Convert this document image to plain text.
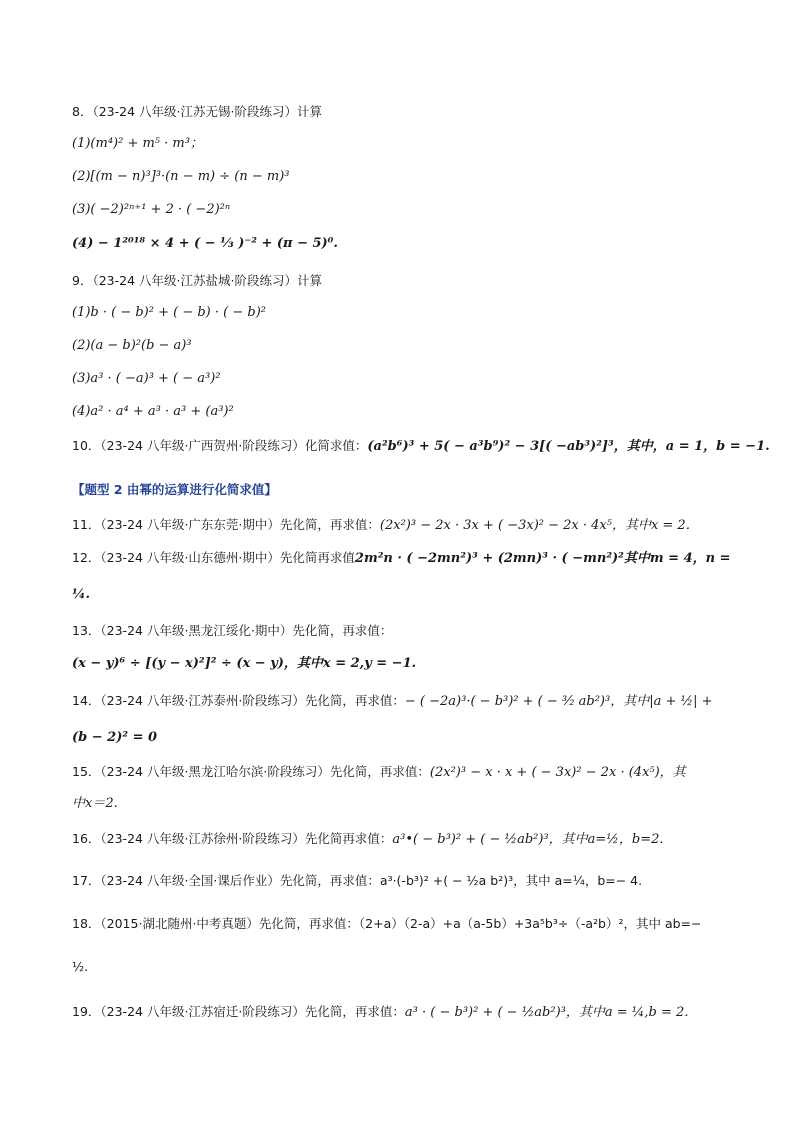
8．（23-24 八年级·江苏无锡·阶段练习）计算
(1)(m⁴)² + m⁵ · m³；
(2)[(m − n)³]³·(n − m) ÷ (n − m)³
(3)( −2)²ⁿ⁺¹ + 2 · ( −2)²ⁿ
(4) − 1²⁰¹⁸ × 4 + ( − ¹⁄₃ )⁻² + (π − 5)⁰.
9．（23-24 八年级·江苏盐城·阶段练习）计算
(1)b · ( − b)² + ( − b) · ( − b)²
(2)(a − b)²(b − a)³
(3)a³ · ( −a)³ + ( − a³)²
(4)a² · a⁴ + a³ · a³ + (a³)²
10．（23-24 八年级·广西贺州·阶段练习）化简求值：(a²b⁶)³ + 5( − a³b⁹)² − 3[( −ab³)²]³，其中，a = 1，b = −1.
【题型 2 由幂的运算进行化简求值】
11．（23-24 八年级·广东东莞·期中）先化简，再求值：(2x²)³ − 2x · 3x + ( −3x)² − 2x · 4x⁵，其中x = 2．
12．（23-24 八年级·山东德州·期中）先化简再求值2m²n · ( −2mn²)³ + (2mn)³ · ( −mn²)²其中m = 4，n =
¼.
13．（23-24 八年级·黑龙江绥化·期中）先化简，再求值：
(x − y)⁶ ÷ [(y − x)²]² ÷ (x − y)，其中x = 2,y = −1.
14．（23-24 八年级·江苏泰州·阶段练习）先化简，再求值：− ( −2a)³·( − b³)² + ( − ³⁄₂ ab²)³，其中|a + ½| +
(b − 2)² = 0
15．（23-24 八年级·黑龙江哈尔滨·阶段练习）先化简，再求值：(2x²)³ − x · x + ( − 3x)² − 2x · (4x⁵)，其
中x＝2.
16．（23-24 八年级·江苏徐州·阶段练习）先化简再求值：a³•( − b³)² + ( − ½ab²)³，其中a=½，b=2.
17．（23-24 八年级·全国·课后作业）先化简，再求值：a³·(-b³)² +( − ½a b²)³，其中 a=¼，b=− 4.
18．（2015·湖北随州·中考真题）先化简，再求值：（2+a）（2-a）+a（a-5b）+3a⁵b³÷（-a²b）²，其中 ab=−
½.
19．（23-24 八年级·江苏宿迁·阶段练习）先化简，再求值：a³ · ( − b³)² + ( − ½ab²)³，其中a = ¼,b = 2．
